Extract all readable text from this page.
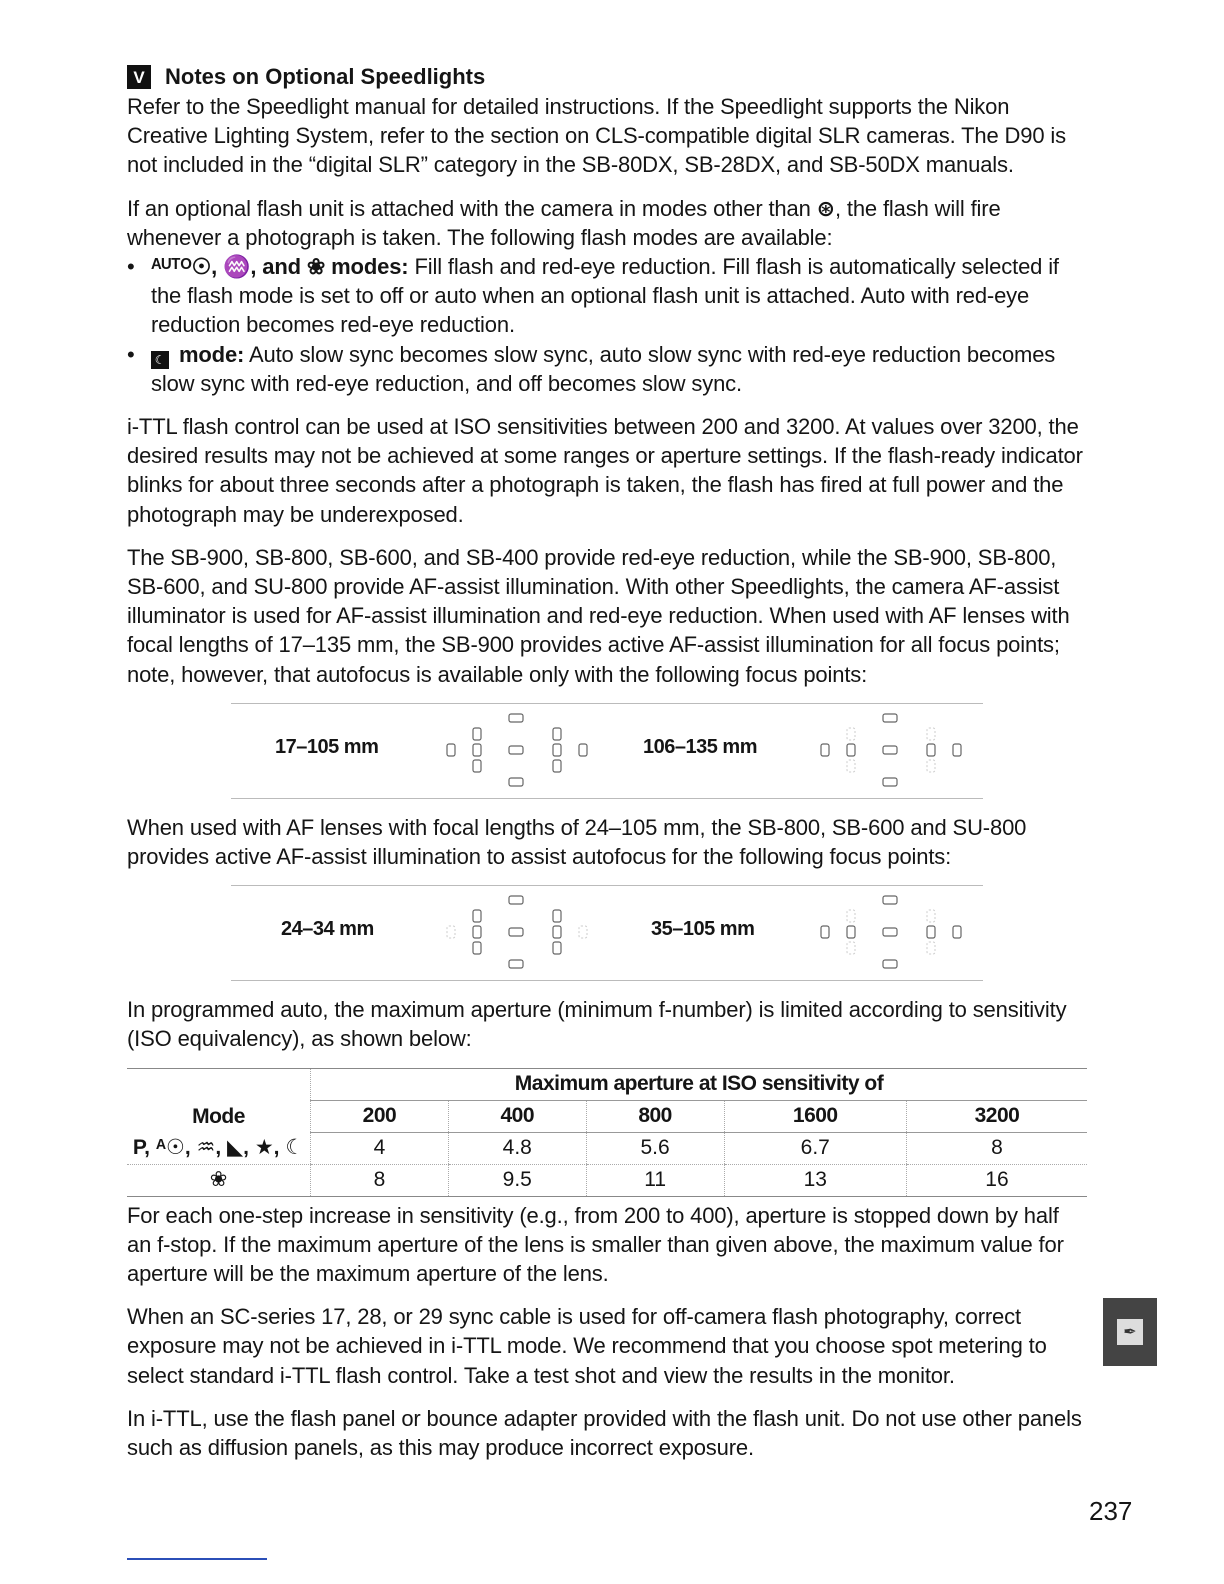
V Notes on Optional Speedlights

Refer to the Speedlight manual for detailed instructions. If the Speedlight supports the Nikon Creative Lighting System, refer to the section on CLS-compatible digital SLR cameras. The D90 is not included in the “digital SLR” category in the SB-80DX, SB-28DX, and SB-50DX manuals.

If an optional flash unit is attached with the camera in modes other than ⊛, the flash will fire whenever a photograph is taken. The following flash modes are available:

• ᴬᵁᵀᴼ☉, ♒, and ❀ modes: Fill flash and red-eye reduction. Fill flash is automatically selected if the flash mode is set to off or auto when an optional flash unit is attached. Auto with red-eye reduction becomes red-eye reduction.
• ☾ mode: Auto slow sync becomes slow sync, auto slow sync with red-eye reduction becomes slow sync with red-eye reduction, and off becomes slow sync.

i-TTL flash control can be used at ISO sensitivities between 200 and 3200. At values over 3200, the desired results may not be achieved at some ranges or aperture settings. If the flash-ready indicator blinks for about three seconds after a photograph is taken, the flash has fired at full power and the photograph may be underexposed.

The SB-900, SB-800, SB-600, and SB-400 provide red-eye reduction, while the SB-900, SB-800, SB-600, and SU-800 provide AF-assist illumination. With other Speedlights, the camera AF-assist illuminator is used for AF-assist illumination and red-eye reduction. When used with AF lenses with focal lengths of 17–135 mm, the SB-900 provides active AF-assist illumination for all focus points; note, however, that autofocus is available only with the following focus points:

17–105 mm	106–135 mm

When used with AF lenses with focal lengths of 24–105 mm, the SB-800, SB-600 and SU-800 provides active AF-assist illumination to assist autofocus for the following focus points:

24–34 mm	35–105 mm

In programmed auto, the maximum aperture (minimum f-number) is limited according to sensitivity (ISO equivalency), as shown below:

Mode	Maximum aperture at ISO sensitivity of				
	200	400	800	1600	3200
P, ᴬ☉, ♒, ◣, ★, ☾	4	4.8	5.6	6.7	8
❀	8	9.5	11	13	16

For each one-step increase in sensitivity (e.g., from 200 to 400), aperture is stopped down by half an f-stop. If the maximum aperture of the lens is smaller than given above, the maximum value for aperture will be the maximum aperture of the lens.

When an SC-series 17, 28, or 29 sync cable is used for off-camera flash photography, correct exposure may not be achieved in i-TTL mode. We recommend that you choose spot metering to select standard i-TTL flash control. Take a test shot and view the results in the monitor.

In i-TTL, use the flash panel or bounce adapter provided with the flash unit. Do not use other panels such as diffusion panels, as this may produce incorrect exposure.

✒
237
